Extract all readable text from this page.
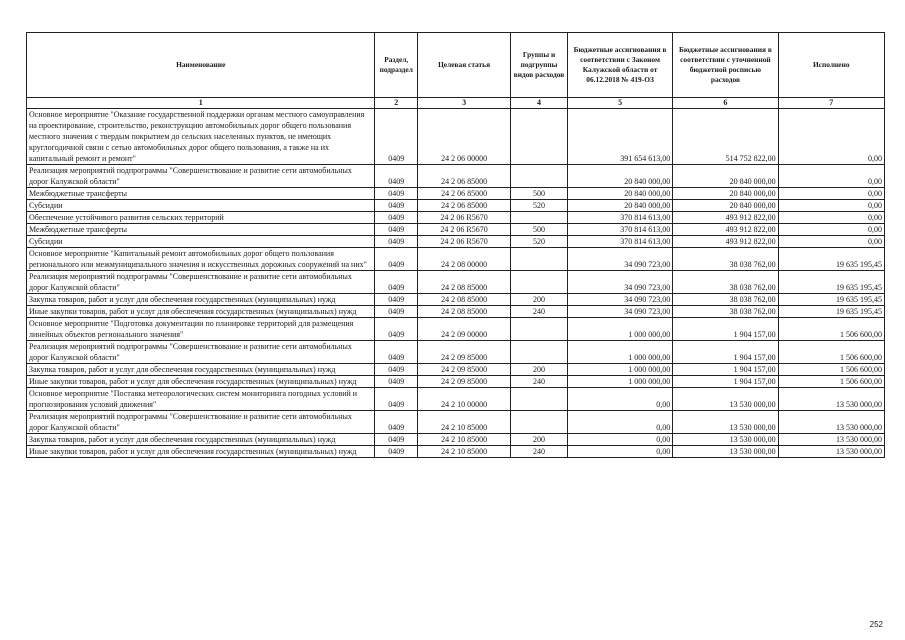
Наименование	Раздел, подраздел	Целевая статья	Группы и подгруппы видов расходов	Бюджетные ассигнования в соответствии с Законом Калужской области от 06.12.2018 № 419-ОЗ	Бюджетные ассигнования в соответствии с уточненной бюджетной росписью расходов	Исполнено
1	2	3	4	5	6	7
Основное мероприятие "Оказание государственной поддержки органам местного самоуправления на проектирование, строительство, реконструкцию автомобильных дорог общего пользования местного значения с твердым покрытием до сельских населенных пунктов, не имеющих круглогодичной связи с сетью автомобильных дорог общего пользования, а также на их капитальный ремонт и ремонт"	0409	24 2 06 00000		391 654 613,00	514 752 822,00	0,00
Реализация мероприятий подпрограммы "Совершенствование и развитие сети автомобильных дорог Калужской области"	0409	24 2 06 85000		20 840 000,00	20 840 000,00	0,00
Межбюджетные трансферты	0409	24 2 06 85000	500	20 840 000,00	20 840 000,00	0,00
Субсидии	0409	24 2 06 85000	520	20 840 000,00	20 840 000,00	0,00
Обеспечение устойчивого развития сельских территорий	0409	24 2 06 R5670		370 814 613,00	493 912 822,00	0,00
Межбюджетные трансферты	0409	24 2 06 R5670	500	370 814 613,00	493 912 822,00	0,00
Субсидии	0409	24 2 06 R5670	520	370 814 613,00	493 912 822,00	0,00
Основное мероприятие "Капитальный ремонт автомобильных дорог общего пользования регионального или межмуниципального значения и искусственных дорожных сооружений на них"	0409	24 2 08 00000		34 090 723,00	38 038 762,00	19 635 195,45
Реализация мероприятий подпрограммы "Совершенствование и развитие сети автомобильных дорог Калужской области"	0409	24 2 08 85000		34 090 723,00	38 038 762,00	19 635 195,45
Закупка товаров, работ и услуг для обеспечения государственных (муниципальных) нужд	0409	24 2 08 85000	200	34 090 723,00	38 038 762,00	19 635 195,45
Иные закупки товаров, работ и услуг для обеспечения государственных (муниципальных) нужд	0409	24 2 08 85000	240	34 090 723,00	38 038 762,00	19 635 195,45
Основное мероприятие "Подготовка документации по планировке территорий для размещения линейных объектов регионального значения"	0409	24 2 09 00000		1 000 000,00	1 904 157,00	1 506 600,00
Реализация мероприятий подпрограммы "Совершенствование и развитие сети автомобильных дорог Калужской области"	0409	24 2 09 85000		1 000 000,00	1 904 157,00	1 506 600,00
Закупка товаров, работ и услуг для обеспечения государственных (муниципальных) нужд	0409	24 2 09 85000	200	1 000 000,00	1 904 157,00	1 506 600,00
Иные закупки товаров, работ и услуг для обеспечения государственных (муниципальных) нужд	0409	24 2 09 85000	240	1 000 000,00	1 904 157,00	1 506 600,00
Основное мероприятие "Поставка метеорологических систем мониторинга погодных условий и прогнозирования условий движения"	0409	24 2 10 00000		0,00	13 530 000,00	13 530 000,00
Реализация мероприятий подпрограммы "Совершенствование и развитие сети автомобильных дорог Калужской области"	0409	24 2 10 85000		0,00	13 530 000,00	13 530 000,00
Закупка товаров, работ и услуг для обеспечения государственных (муниципальных) нужд	0409	24 2 10 85000	200	0,00	13 530 000,00	13 530 000,00
Иные закупки товаров, работ и услуг для обеспечения государственных (муниципальных) нужд	0409	24 2 10 85000	240	0,00	13 530 000,00	13 530 000,00
252
